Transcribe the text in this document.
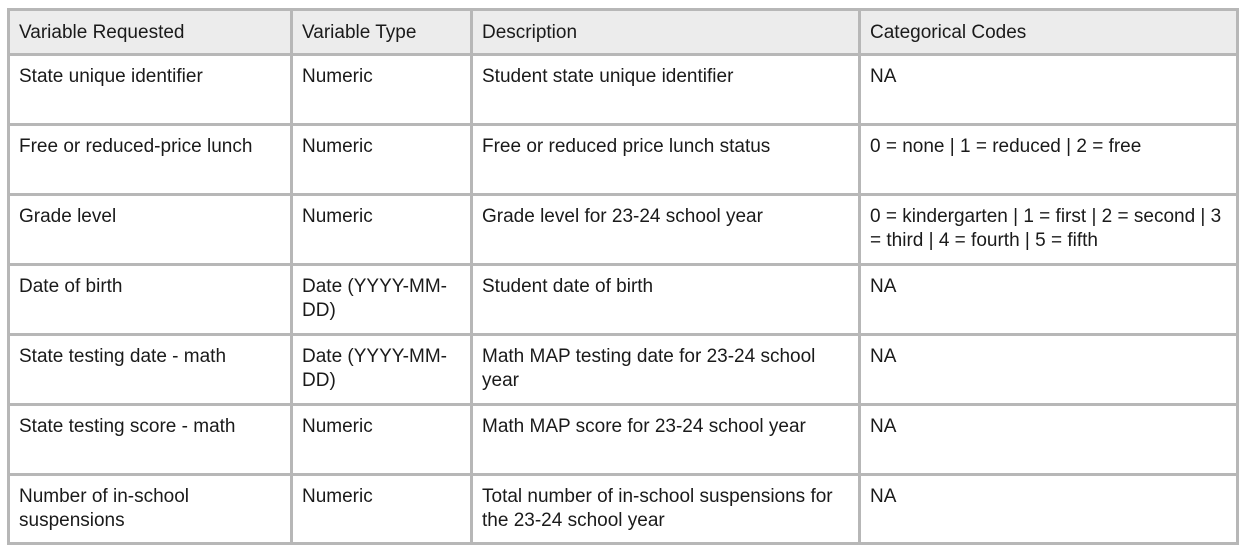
Variable Requested	Variable Type	Description	Categorical Codes
State unique identifier	Numeric	Student state unique identifier	NA
Free or reduced-price lunch	Numeric	Free or reduced price lunch status	0 = none | 1 = reduced | 2 = free
Grade level	Numeric	Grade level for 23-24 school year	0 = kindergarten | 1 = first | 2 = second | 3 = third | 4 = fourth | 5 = fifth
Date of birth	Date (YYYY-MM-DD)	Student date of birth	NA
State testing date - math	Date (YYYY-MM-DD)	Math MAP testing date for 23-24 school year	NA
State testing score - math	Numeric	Math MAP score for 23-24 school year	NA
Number of in-school suspensions	Numeric	Total number of in-school suspensions for the 23-24 school year	NA
